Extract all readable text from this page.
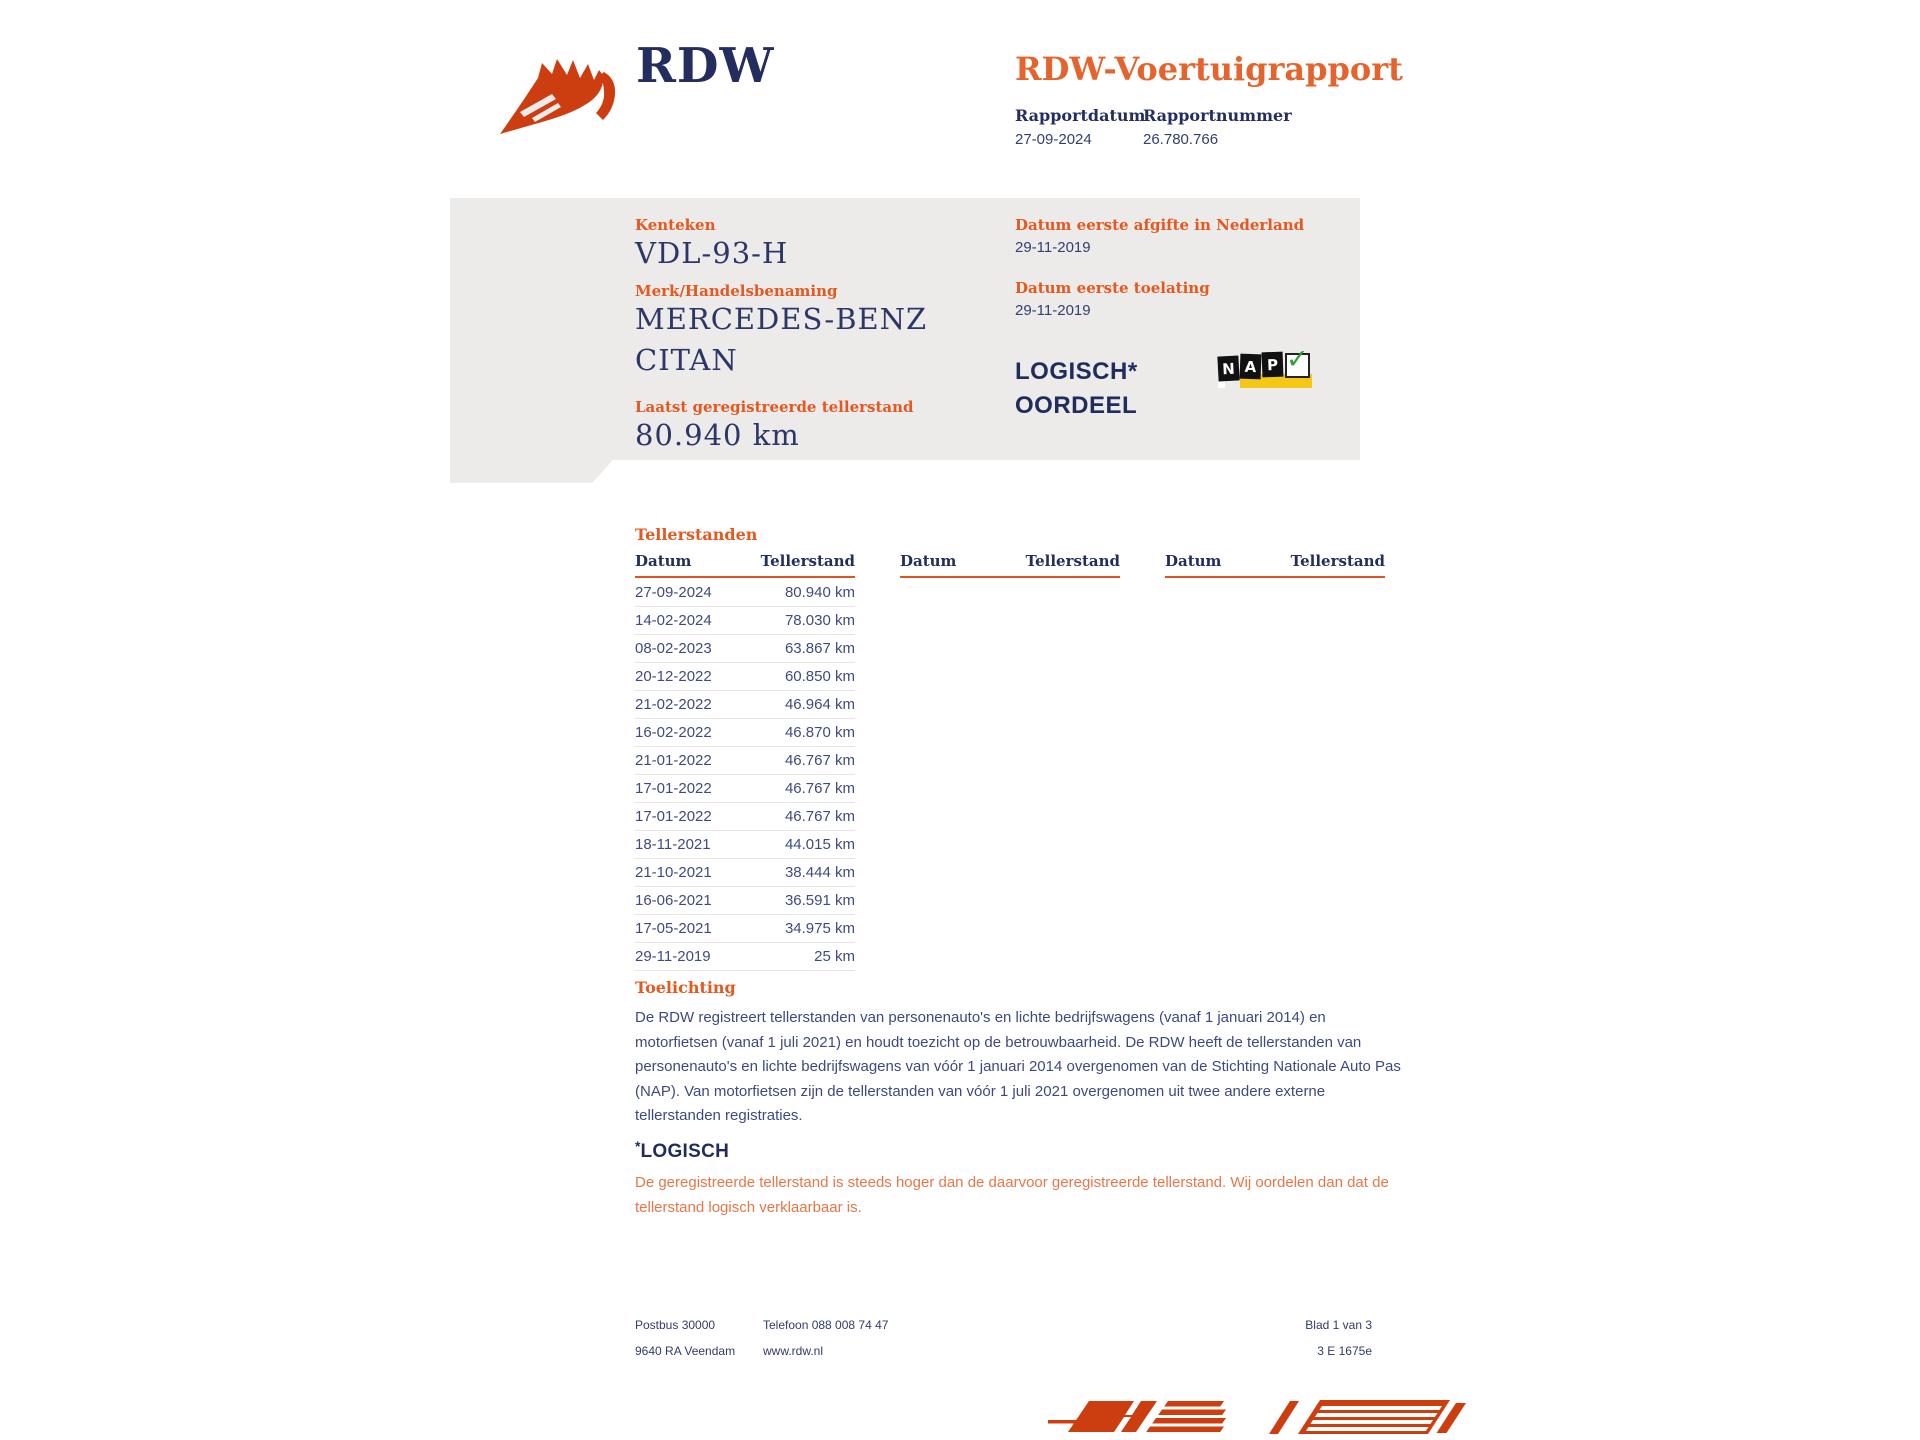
RDW	RDW-Voertuigrapport
Rapportdatum
27-09-2024
Rapportnummer
26.780.766
Kenteken
VDL-93-H
Merk/Handelsbenaming
MERCEDES-BENZ
CITAN
Laatst geregistreerde tellerstand
80.940 km
Datum eerste afgifte in Nederland
29-11-2019
Datum eerste toelating
29-11-2019
LOGISCH*
OORDEEL
N A P ✓
Tellerstanden
Datum	Tellerstand	Datum	Tellerstand	Datum	Tellerstand
27-09-2024	80.940 km
14-02-2024	78.030 km
08-02-2023	63.867 km
20-12-2022	60.850 km
21-02-2022	46.964 km
16-02-2022	46.870 km
21-01-2022	46.767 km
17-01-2022	46.767 km
17-01-2022	46.767 km
18-11-2021	44.015 km
21-10-2021	38.444 km
16-06-2021	36.591 km
17-05-2021	34.975 km
29-11-2019	25 km
Toelichting
De RDW registreert tellerstanden van personenauto's en lichte bedrijfswagens (vanaf 1 januari 2014) en motorfietsen (vanaf 1 juli 2021) en houdt toezicht op de betrouwbaarheid. De RDW heeft de tellerstanden van personenauto's en lichte bedrijfswagens van vóór 1 januari 2014 overgenomen van de Stichting Nationale Auto Pas (NAP). Van motorfietsen zijn de tellerstanden van vóór 1 juli 2021 overgenomen uit twee andere externe tellerstanden registraties.
*LOGISCH
De geregistreerde tellerstand is steeds hoger dan de daarvoor geregistreerde tellerstand. Wij oordelen dan dat de tellerstand logisch verklaarbaar is.
Postbus 30000
9640 RA Veendam
Telefoon 088 008 74 47
www.rdw.nl
Blad 1 van 3
3 E 1675e
